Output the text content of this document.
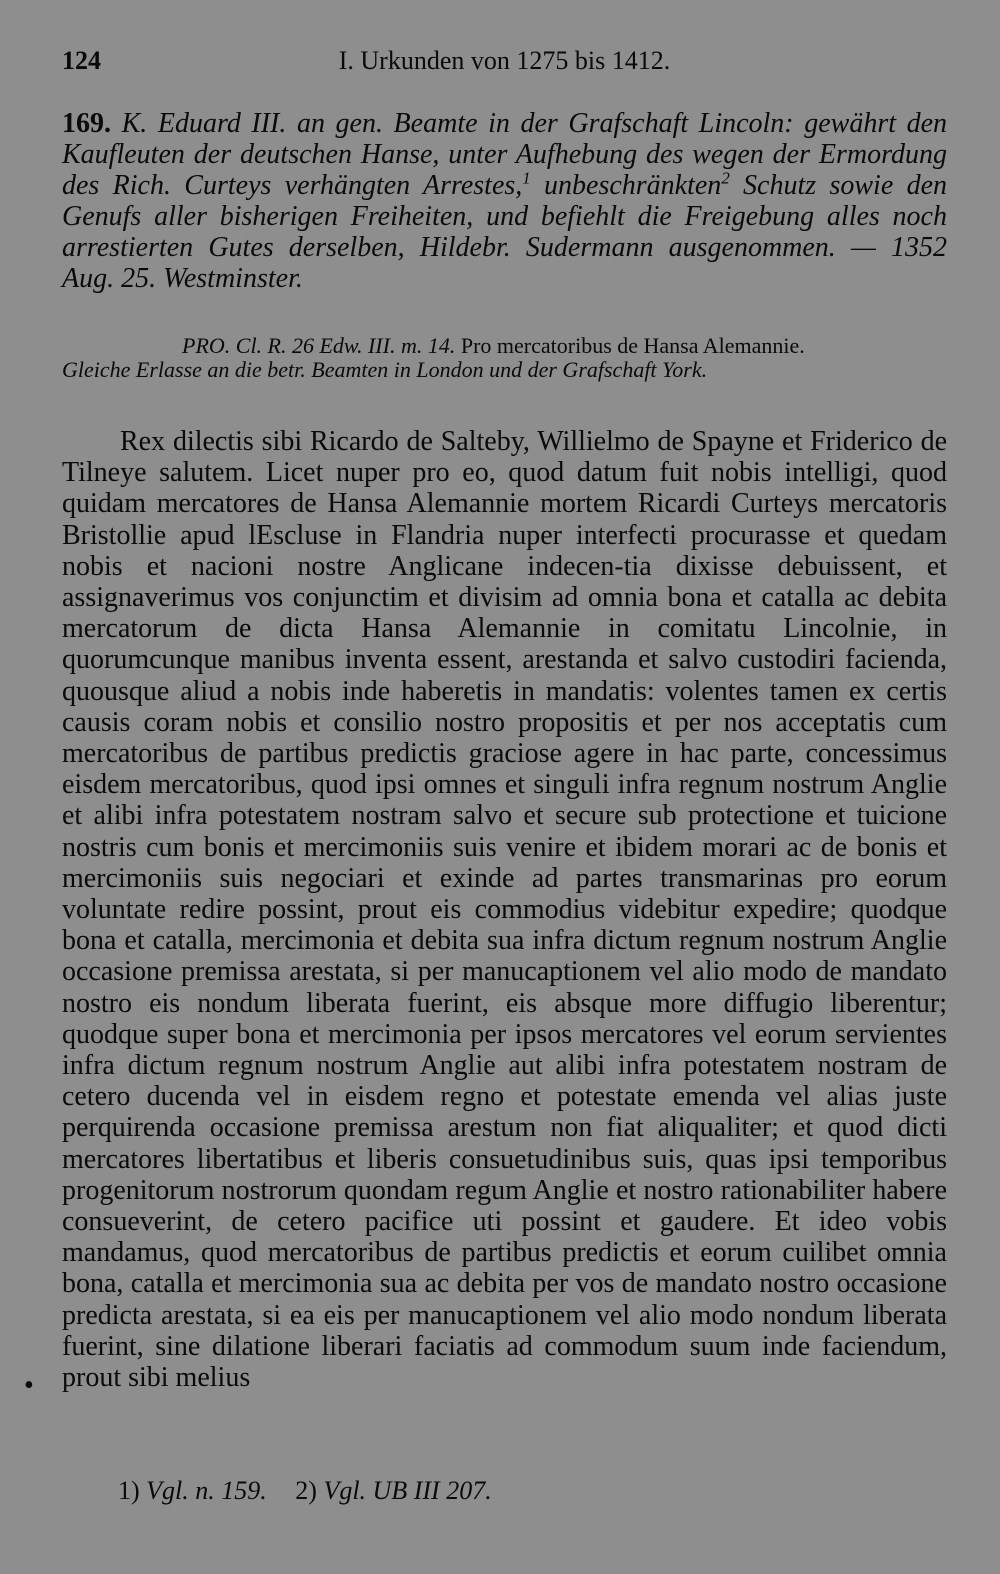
124	I. Urkunden von 1275 bis 1412.
169. K. Eduard III. an gen. Beamte in der Grafschaft Lincoln: gewährt den Kaufleuten der deutschen Hanse, unter Aufhebung des wegen der Ermordung des Rich. Curteys verhängten Arrestes,$^1$ unbeschränkten$^2$ Schutz sowie den Genufs aller bisherigen Freiheiten, und befiehlt die Freigebung alles noch arrestierten Gutes derselben, Hildebr. Sudermann ausgenommen. — 1352 Aug. 25. Westminster.
PRO. Cl. R. 26 Edw. III. m. 14. Pro mercatoribus de Hansa Alemannie.
Gleiche Erlasse an die betr. Beamten in London und der Grafschaft York.
Rex dilectis sibi Ricardo de Salteby, Willielmo de Spayne et Friderico de Tilneye salutem. Licet nuper pro eo, quod datum fuit nobis intelligi, quod quidam mercatores de Hansa Alemannie mortem Ricardi Curteys mercatoris Bristollie apud lEscluse in Flandria nuper interfecti procurasse et quedam nobis et nacioni nostre Anglicane indecen-tia dixisse debuissent, et assignaverimus vos conjunctim et divisim ad omnia bona et catalla ac debita mercatorum de dicta Hansa Alemannie in comitatu Lincolnie, in quorumcunque manibus inventa essent, arestanda et salvo custodiri facienda, quousque aliud a nobis inde haberetis in mandatis: volentes tamen ex certis causis coram nobis et consilio nostro propositis et per nos acceptatis cum mercatoribus de partibus predictis graciose agere in hac parte, concessimus eisdem mercatoribus, quod ipsi omnes et singuli infra regnum nostrum Anglie et alibi infra potestatem nostram salvo et secure sub protectione et tuicione nostris cum bonis et mercimoniis suis venire et ibidem morari ac de bonis et mercimoniis suis negociari et exinde ad partes transmarinas pro eorum voluntate redire possint, prout eis commodius videbitur expedire; quodque bona et catalla, mercimonia et debita sua infra dictum regnum nostrum Anglie occasione premissa arestata, si per manucaptionem vel alio modo de mandato nostro eis nondum liberata fuerint, eis absque more diffugio liberentur; quodque super bona et mercimonia per ipsos mercatores vel eorum servientes infra dictum regnum nostrum Anglie aut alibi infra potestatem nostram de cetero ducenda vel in eisdem regno et potestate emenda vel alias juste perquirenda occasione premissa arestum non fiat aliqualiter; et quod dicti mercatores libertatibus et liberis consuetudinibus suis, quas ipsi temporibus progenitorum nostrorum quondam regum Anglie et nostro rationabiliter habere consueverint, de cetero pacifice uti possint et gaudere. Et ideo vobis mandamus, quod mercatoribus de partibus predictis et eorum cuilibet omnia bona, catalla et mercimonia sua ac debita per vos de mandato nostro occasione predicta arestata, si ea eis per manucaptionem vel alio modo nondum liberata fuerint, sine dilatione liberari faciatis ad commodum suum inde faciendum, prout sibi melius
•
1) Vgl. n. 159. 2) Vgl. UB III 207.
